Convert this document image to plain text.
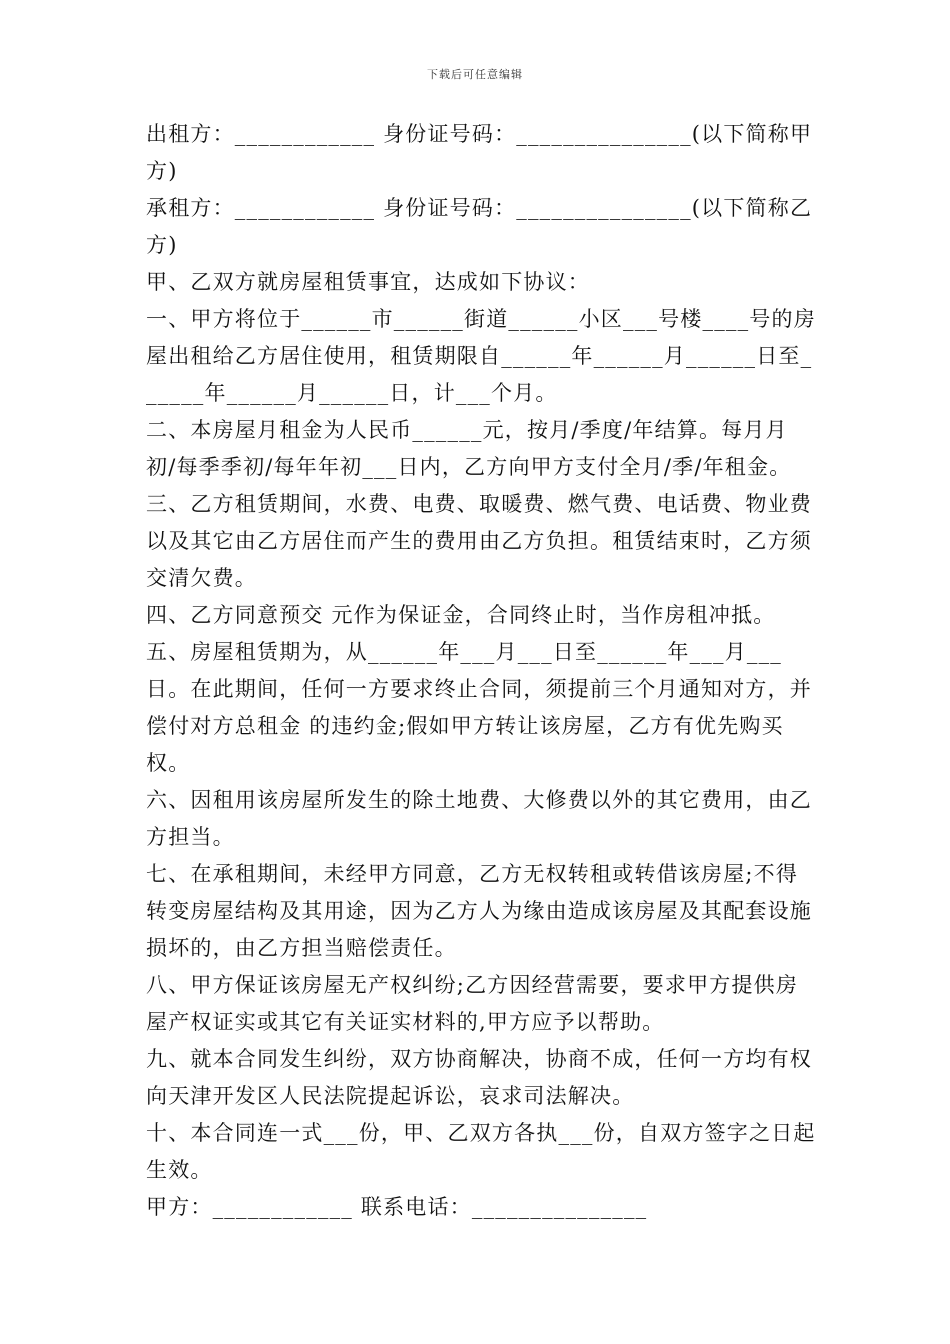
下载后可任意编辑

出租方：____________ 身份证号码：_______________(以下简称甲方)

承租方：____________ 身份证号码：_______________(以下简称乙方)

甲、乙双方就房屋租赁事宜，达成如下协议：

一、甲方将位于______市______街道______小区___号楼____号的房屋出租给乙方居住使用，租赁期限自______年______月______日至______年______月______日，计___个月。

二、本房屋月租金为人民币______元，按月/季度/年结算。每月月初/每季季初/每年年初___日内，乙方向甲方支付全月/季/年租金。

三、乙方租赁期间，水费、电费、取暖费、燃气费、电话费、物业费以及其它由乙方居住而产生的费用由乙方负担。租赁结束时，乙方须交清欠费。

四、乙方同意预交 元作为保证金，合同终止时，当作房租冲抵。

五、房屋租赁期为，从______年___月___日至______年___月___日。在此期间，任何一方要求终止合同，须提前三个月通知对方，并偿付对方总租金 的违约金;假如甲方转让该房屋，乙方有优先购买权。

六、因租用该房屋所发生的除土地费、大修费以外的其它费用，由乙方担当。

七、在承租期间，未经甲方同意，乙方无权转租或转借该房屋;不得转变房屋结构及其用途，因为乙方人为缘由造成该房屋及其配套设施损坏的，由乙方担当赔偿责任。

八、甲方保证该房屋无产权纠纷;乙方因经营需要，要求甲方提供房屋产权证实或其它有关证实材料的,甲方应予以帮助。

九、就本合同发生纠纷，双方协商解决，协商不成，任何一方均有权向天津开发区人民法院提起诉讼，哀求司法解决。

十、本合同连一式___份，甲、乙双方各执___份，自双方签字之日起生效。

甲方：____________ 联系电话：_______________
